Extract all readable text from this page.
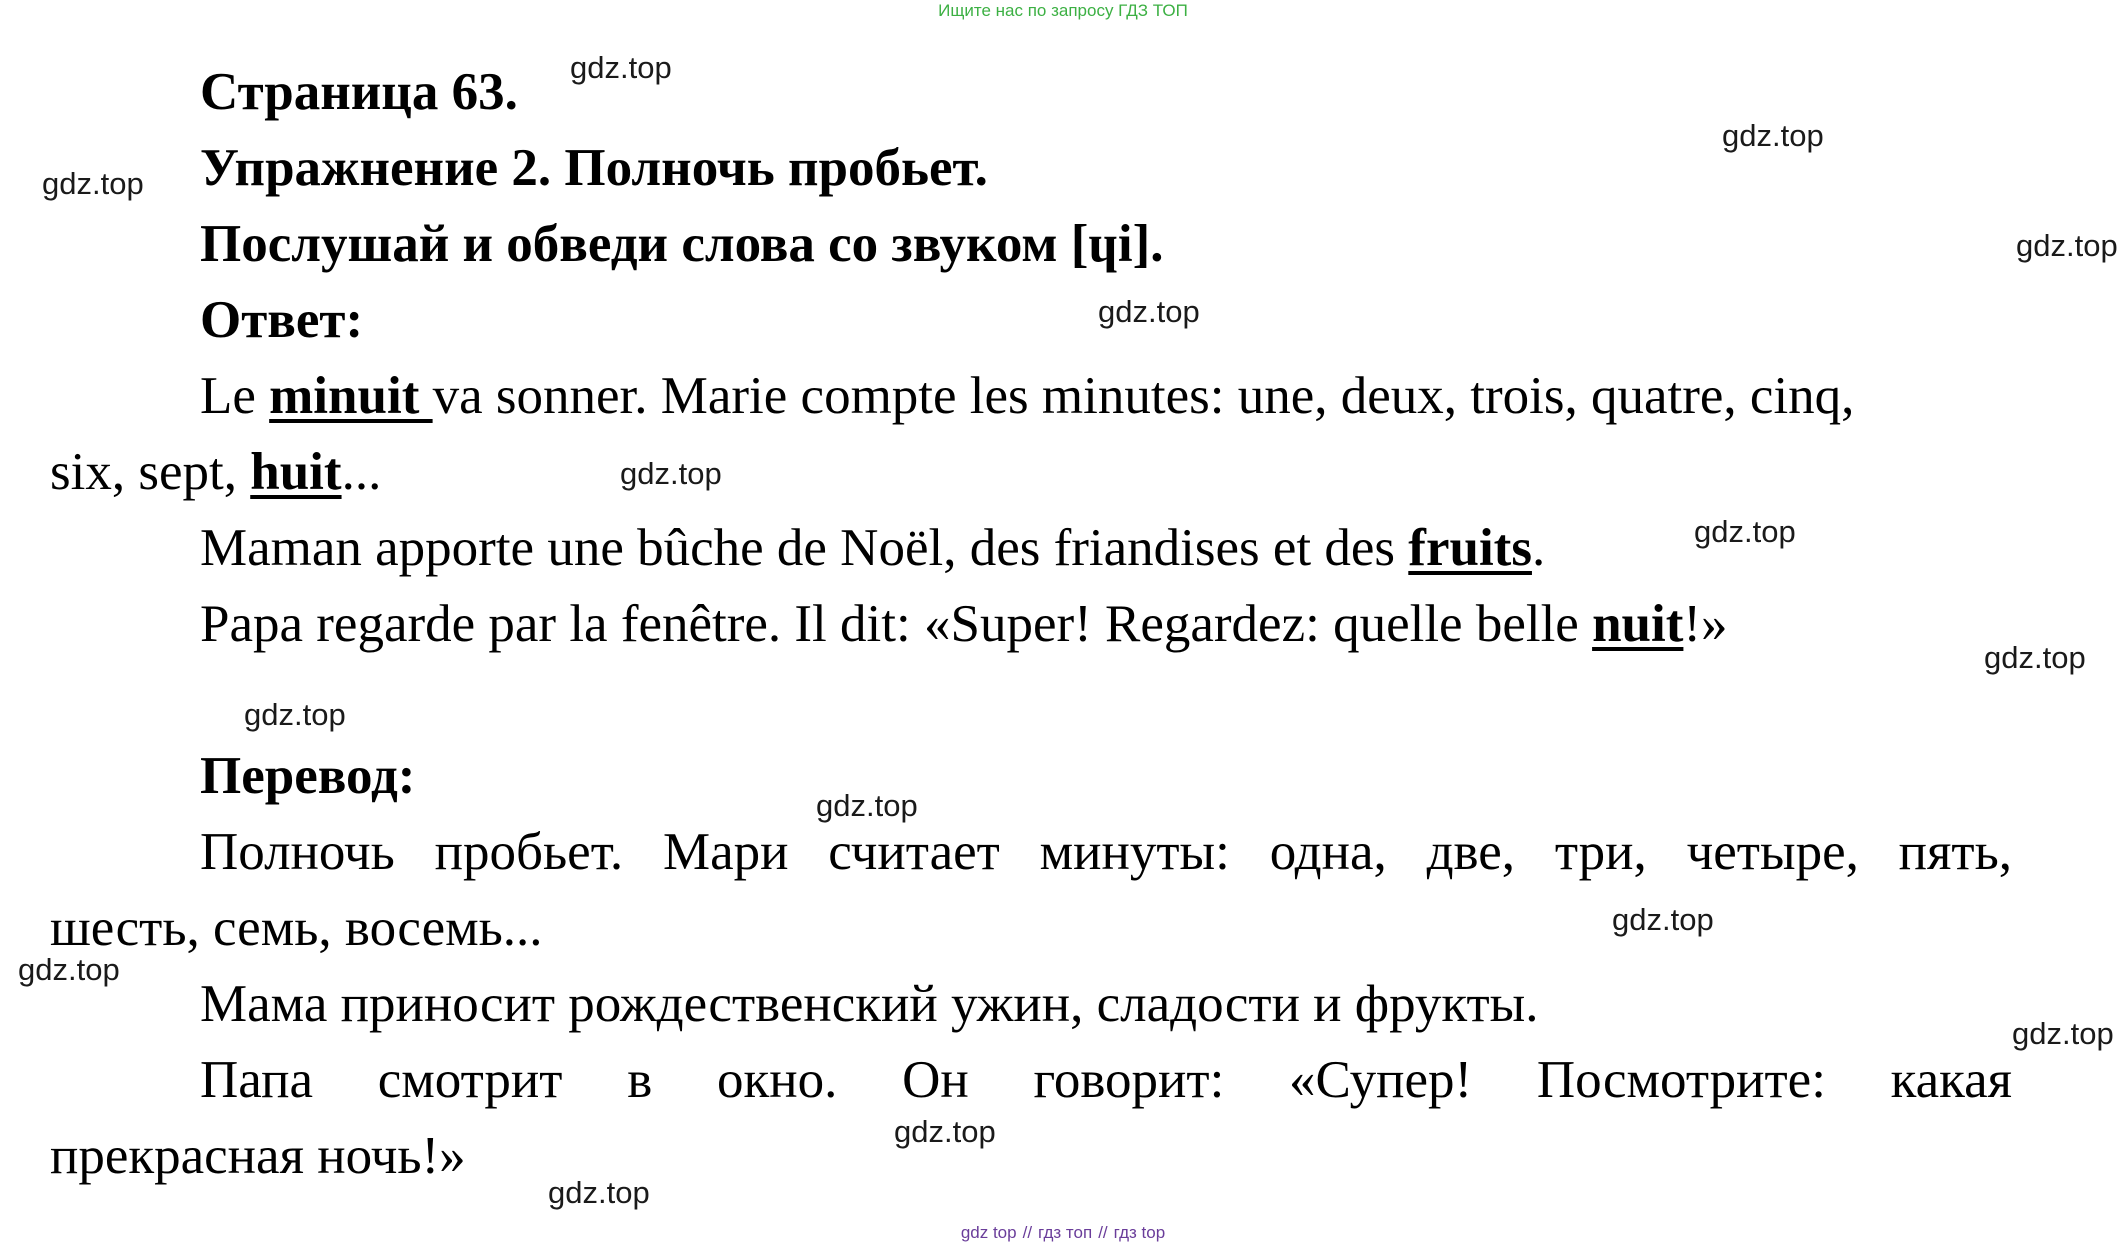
Ищите нас по запросу ГДЗ ТОП
Страница 63.
Упражнение 2. Полночь пробьет.
Послушай и обведи слова со звуком [ɥi].
Ответ:
Le minuit va sonner. Marie compte les minutes: une, deux, trois, quatre, cinq,
six, sept, huit...
Maman apporte une bûche de Noël, des friandises et des fruits.
Papa regarde par la fenêtre. Il dit: «Super! Regardez: quelle belle nuit!»
Перевод:
Полночь пробьет. Мари считает минуты: одна, две, три, четыре, пять,
шесть, семь, восемь...
Мама приносит рождественский ужин, сладости и фрукты.
Папа смотрит в окно. Он говорит: «Супер! Посмотрите: какая
прекрасная ночь!»
gdz.top
gdz.top
gdz.top
gdz.top
gdz.top
gdz.top
gdz.top
gdz.top
gdz.top
gdz.top
gdz.top
gdz.top
gdz.top
gdz.top
gdz.top
gdz top // гдз топ // гдз top
